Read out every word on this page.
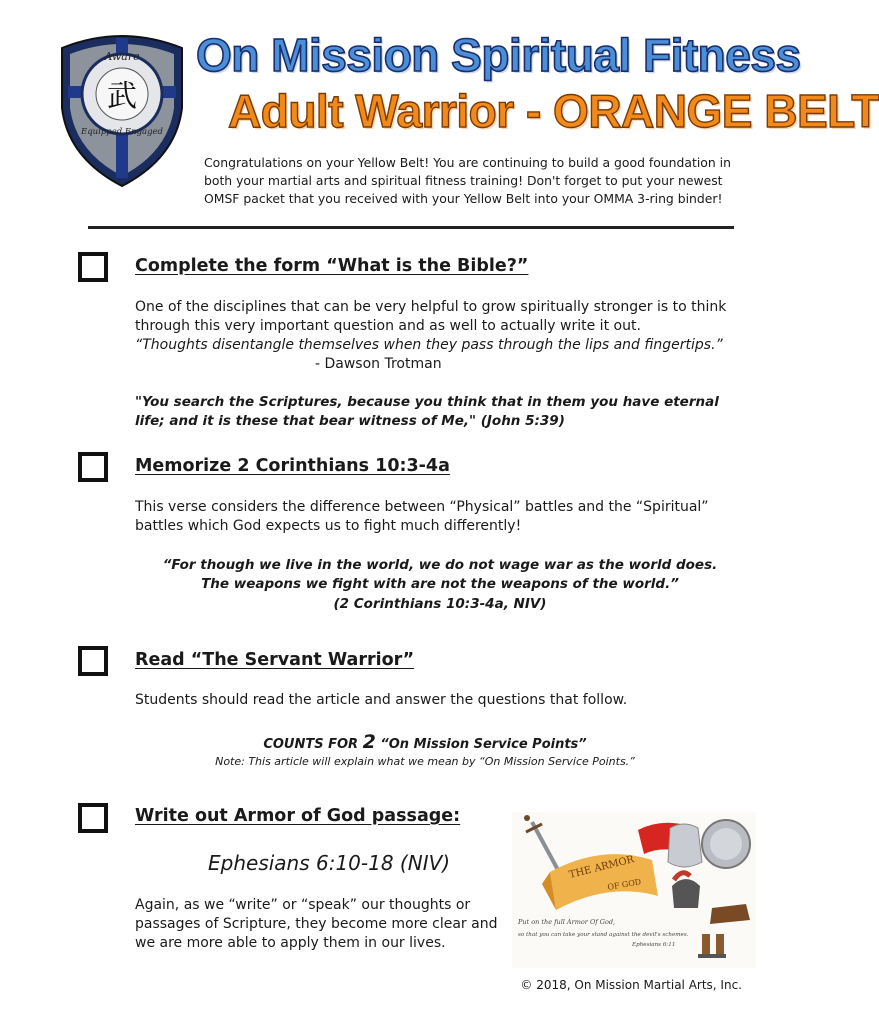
Aware
武
Equipped Engaged
On Mission Spiritual Fitness
Adult Warrior - ORANGE BELT
Congratulations on your Yellow Belt! You are continuing to build a good foundation in both your martial arts and spiritual fitness training! Don't forget to put your newest OMSF packet that you received with your Yellow Belt into your OMMA 3-ring binder!
Complete the form “What is the Bible?”
One of the disciplines that can be very helpful to grow spiritually stronger is to think through this very important question and as well to actually write it out.
“Thoughts disentangle themselves when they pass through the lips and fingertips.”
- Dawson Trotman
"You search the Scriptures, because you think that in them you have eternal life; and it is these that bear witness of Me," (John 5:39)
Memorize 2 Corinthians 10:3-4a
This verse considers the difference between “Physical” battles and the “Spiritual” battles which God expects us to fight much differently!
“For though we live in the world, we do not wage war as the world does. The weapons we fight with are not the weapons of the world.”
(2 Corinthians 10:3-4a, NIV)
Read “The Servant Warrior”
Students should read the article and answer the questions that follow.
COUNTS FOR 2 “On Mission Service Points”
Note: This article will explain what we mean by “On Mission Service Points.”
Write out Armor of God passage:
Ephesians 6:10-18 (NIV)
Again, as we “write” or “speak” our thoughts or passages of Scripture, they become more clear and we are more able to apply them in our lives.
THE ARMOR
OF GOD
Put on the full Armor Of God,
so that you can take your stand against the devil's schemes.
Ephesians 6:11
© 2018, On Mission Martial Arts, Inc.
